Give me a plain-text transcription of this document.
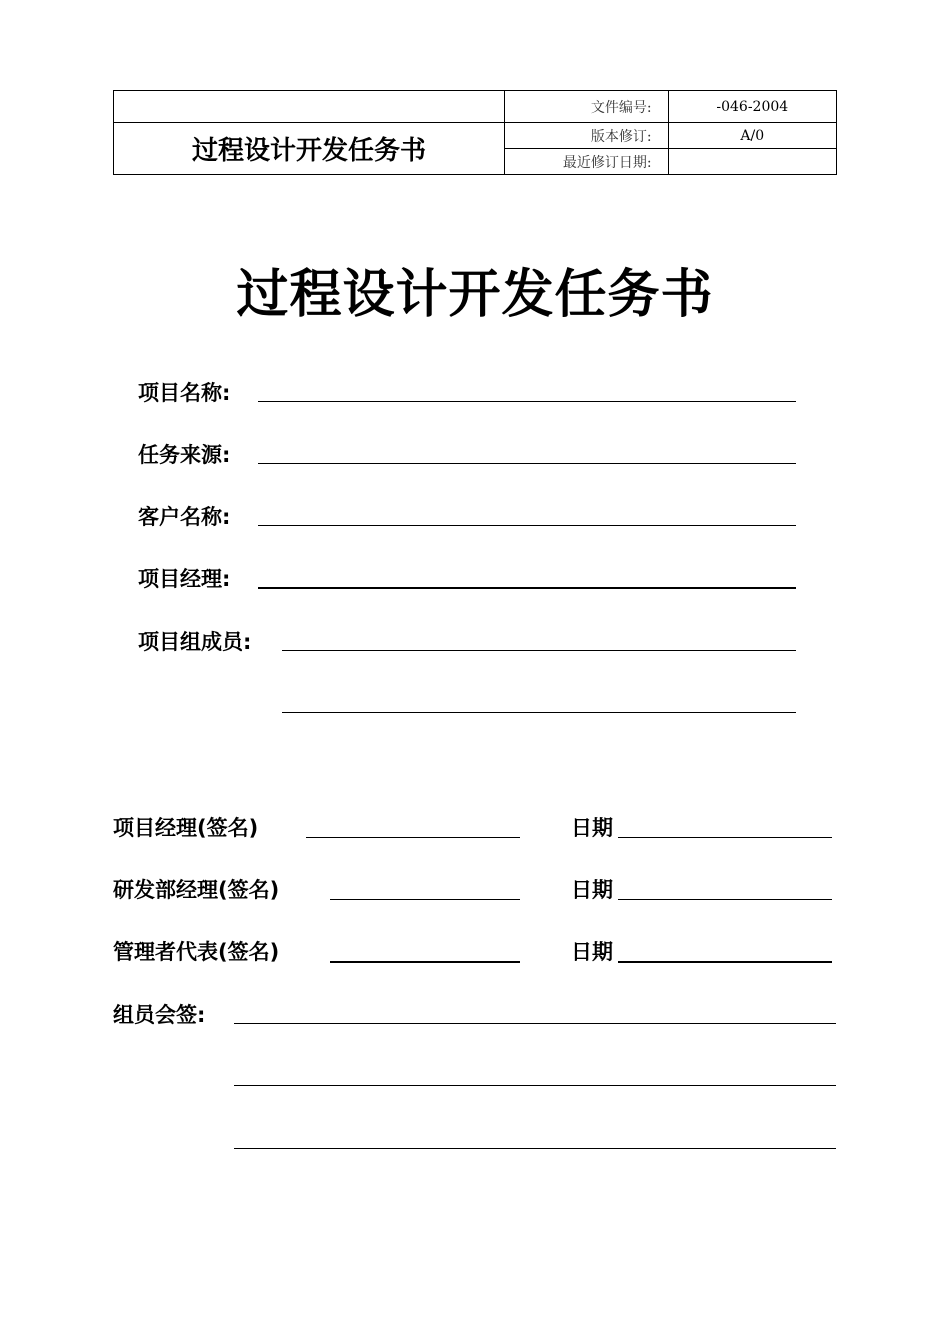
	文件编号:	-046-2004
过程设计开发任务书	版本修订:	A/0
	最近修订日期:	
过程设计开发任务书
项目名称:
任务来源:
客户名称:
项目经理:
项目组成员:
项目经理(签名)	日期
研发部经理(签名)	日期
管理者代表(签名)	日期
组员会签:
